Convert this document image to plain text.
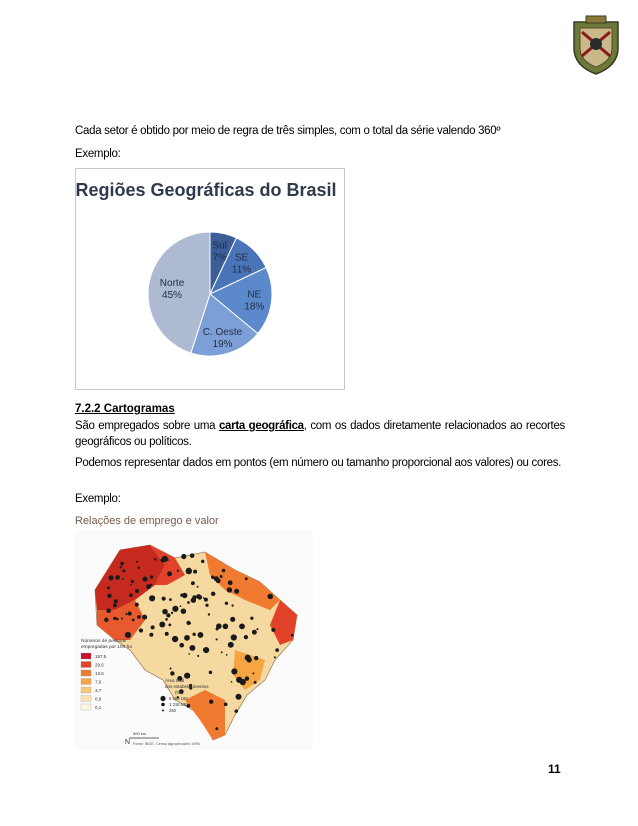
Cada setor é obtido por meio de regra de três simples, com o total da série valendo 360º
Exemplo:
Regiões Geográficas do Brasil
Sul
7% SE
11%
NE
18%
C. Oeste
19%
Norte
45%
7.2.2 Cartogramas
São empregados sobre uma carta geográfica, com os dados diretamente relacionados ao recortes geográficos ou políticos.
Podemos representar dados em pontos (em número ou tamanho proporcional aos valores) ou cores.
Exemplo:
Relações de emprego e valor
Números de pessoas
empregadas por 100 ha
197,5
29,6
13,6
7,6
3,7
0,9
0,1
Área total
dos estabelecimentos
(ha)
6 550 160
1 318 630
260
500 km
Fonte: IBGE. Censo agropecuário 1996
N
11
